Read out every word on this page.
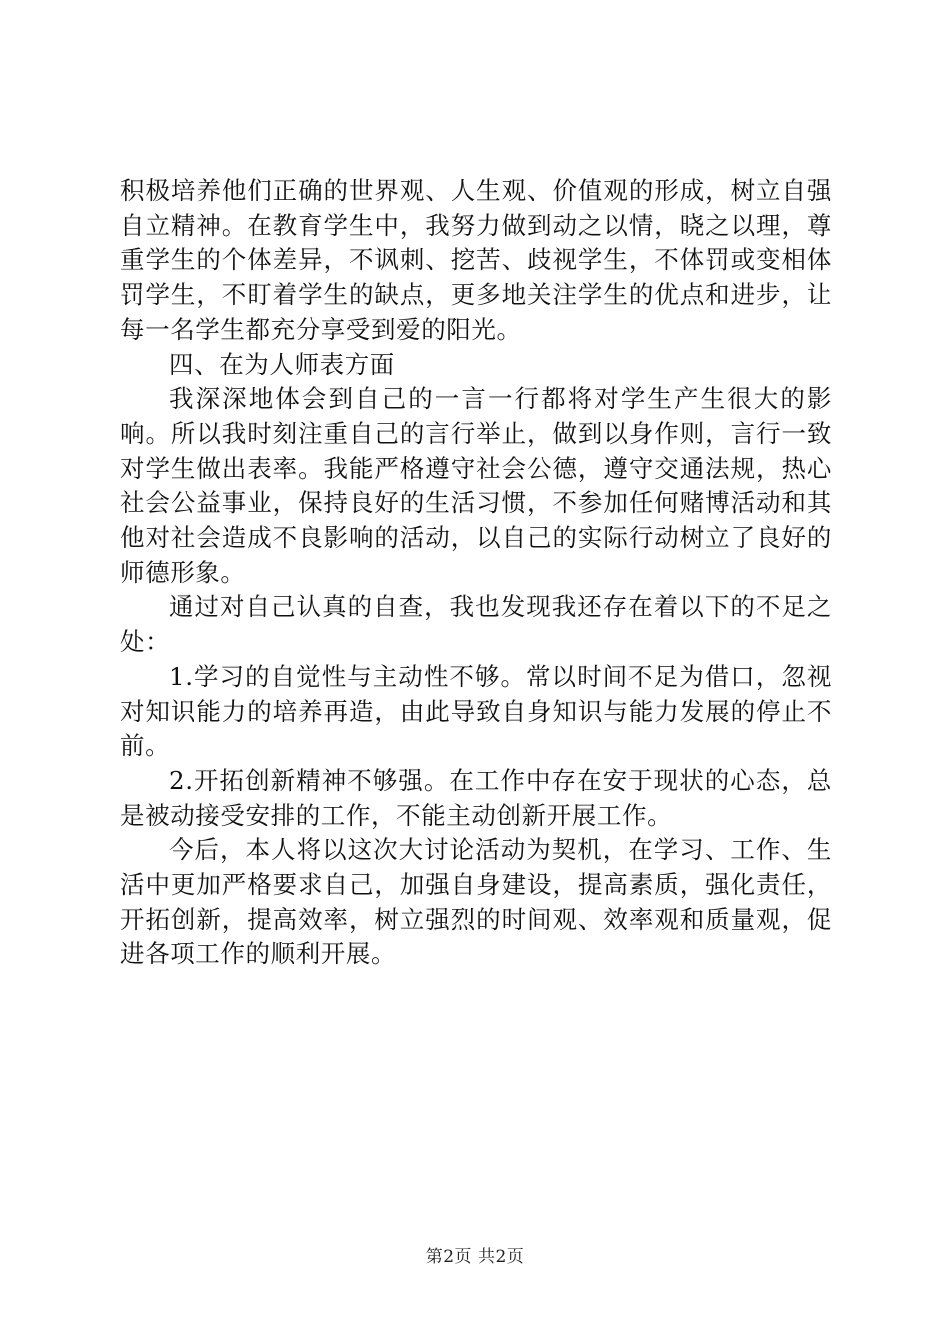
积极培养他们正确的世界观、人生观、价值观的形成，树立自强自立精神。在教育学生中，我努力做到动之以情，晓之以理，尊重学生的个体差异，不讽刺、挖苦、歧视学生，不体罚或变相体罚学生，不盯着学生的缺点，更多地关注学生的优点和进步，让每一名学生都充分享受到爱的阳光。

四、在为人师表方面

我深深地体会到自己的一言一行都将对学生产生很大的影响。所以我时刻注重自己的言行举止，做到以身作则，言行一致对学生做出表率。我能严格遵守社会公德，遵守交通法规，热心社会公益事业，保持良好的生活习惯，不参加任何赌博活动和其他对社会造成不良影响的活动，以自己的实际行动树立了良好的师德形象。

通过对自己认真的自查，我也发现我还存在着以下的不足之处：

1.学习的自觉性与主动性不够。常以时间不足为借口，忽视对知识能力的培养再造，由此导致自身知识与能力发展的停止不前。

2.开拓创新精神不够强。在工作中存在安于现状的心态，总是被动接受安排的工作，不能主动创新开展工作。

今后，本人将以这次大讨论活动为契机，在学习、工作、生活中更加严格要求自己，加强自身建设，提高素质，强化责任，开拓创新，提高效率，树立强烈的时间观、效率观和质量观，促进各项工作的顺利开展。

第2页 共2页
